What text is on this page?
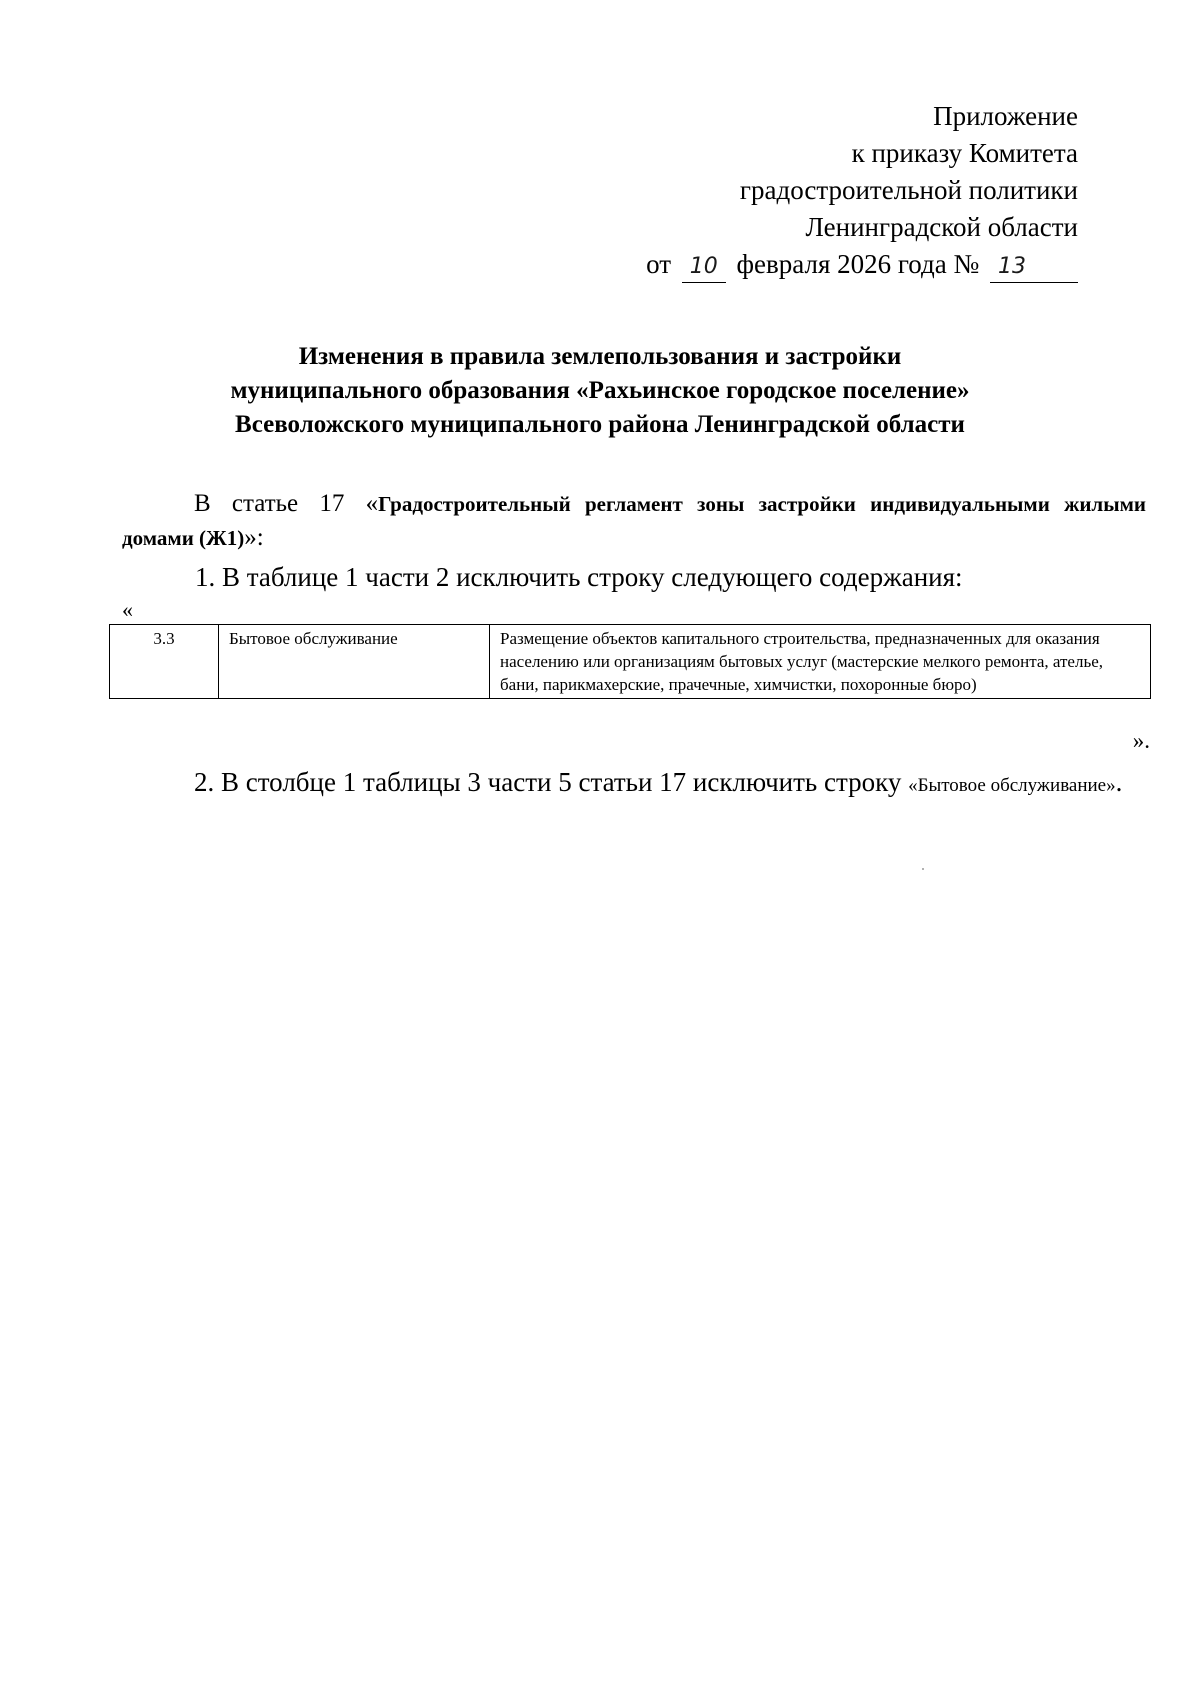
Приложение
к приказу Комитета
градостроительной политики
Ленинградской области
от 10 февраля 2026 года № 13
Изменения в правила землепользования и застройки
муниципального образования «Рахьинское городское поселение»
Всеволожского муниципального района Ленинградской области
В статье 17 «Градостроительный регламент зоны застройки индивидуальными жилыми домами (Ж1)»:
1. В таблице 1 части 2 исключить строку следующего содержания:
«
3.3	Бытовое обслуживание	Размещение объектов капитального строительства, предназначенных для оказания населению или организациям бытовых услуг (мастерские мелкого ремонта, ателье, бани, парикмахерские, прачечные, химчистки, похоронные бюро)
».
2. В столбце 1 таблицы 3 части 5 статьи 17 исключить строку «Бытовое обслуживание».
